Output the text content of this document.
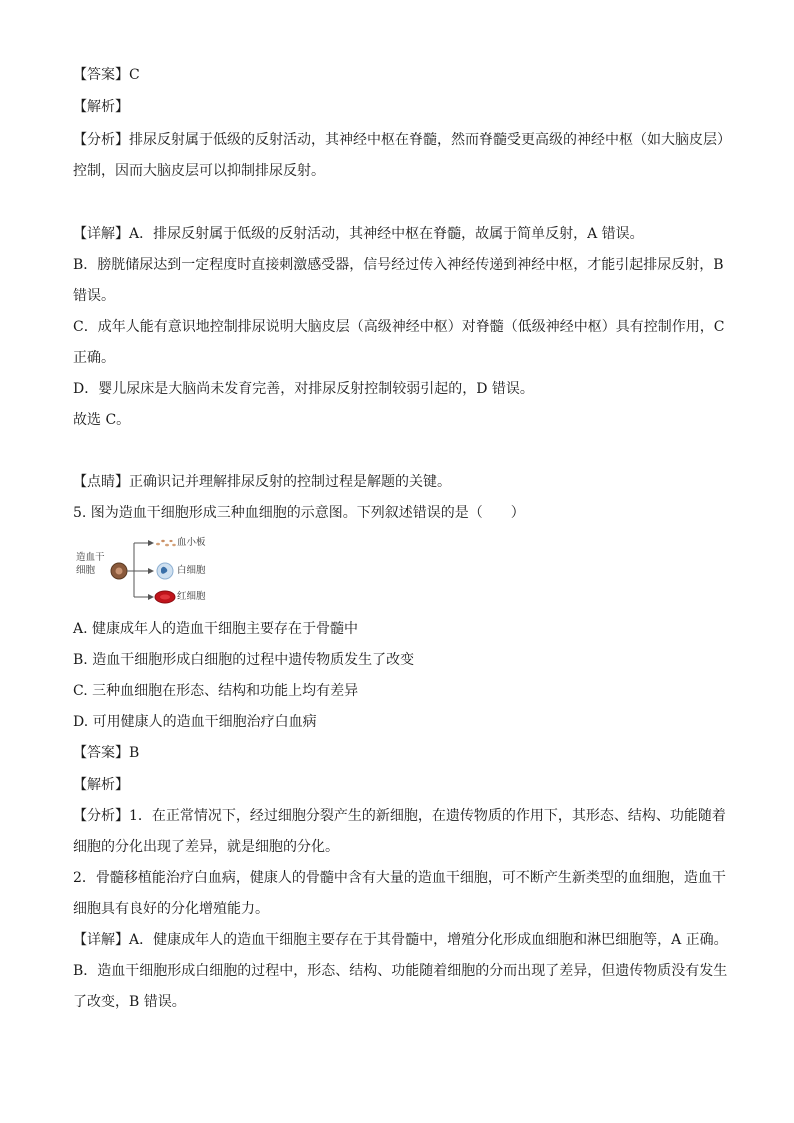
【答案】C

【解析】

【分析】排尿反射属于低级的反射活动，其神经中枢在脊髓，然而脊髓受更高级的神经中枢（如大脑皮层）

控制，因而大脑皮层可以抑制排尿反射。

【详解】A．排尿反射属于低级的反射活动，其神经中枢在脊髓，故属于简单反射，A 错误。

B．膀胱储尿达到一定程度时直接刺激感受器，信号经过传入神经传递到神经中枢，才能引起排尿反射，B

错误。

C．成年人能有意识地控制排尿说明大脑皮层（高级神经中枢）对脊髓（低级神经中枢）具有控制作用，C

正确。

D．婴儿尿床是大脑尚未发育完善，对排尿反射控制较弱引起的，D 错误。

故选 C。

【点睛】正确识记并理解排尿反射的控制过程是解题的关键。

5. 图为造血干细胞形成三种血细胞的示意图。下列叙述错误的是（　　）

造血干
细胞
血小板
白细胞
红细胞

A. 健康成年人的造血干细胞主要存在于骨髓中

B. 造血干细胞形成白细胞的过程中遗传物质发生了改变

C. 三种血细胞在形态、结构和功能上均有差异

D. 可用健康人的造血干细胞治疗白血病

【答案】B

【解析】

【分析】1．在正常情况下，经过细胞分裂产生的新细胞，在遗传物质的作用下，其形态、结构、功能随着

细胞的分化出现了差异，就是细胞的分化。

2．骨髓移植能治疗白血病，健康人的骨髓中含有大量的造血干细胞，可不断产生新类型的血细胞，造血干

细胞具有良好的分化增殖能力。

【详解】A．健康成年人的造血干细胞主要存在于其骨髓中，增殖分化形成血细胞和淋巴细胞等，A 正确。

B．造血干细胞形成白细胞的过程中，形态、结构、功能随着细胞的分而出现了差异，但遗传物质没有发生

了改变，B 错误。
